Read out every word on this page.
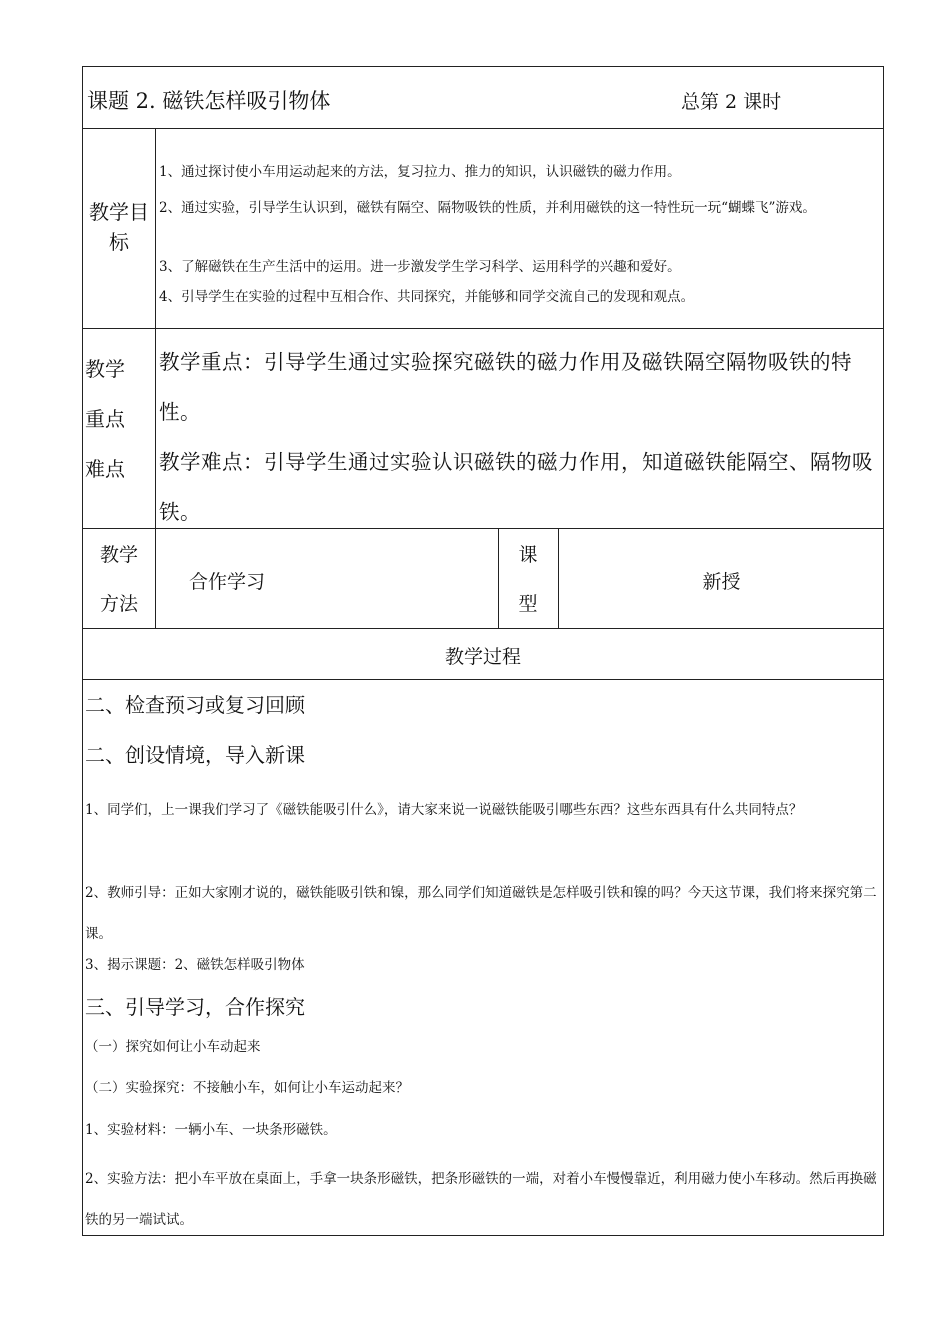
课题 2. 磁铁怎样吸引物体	总第 2 课时
教学目
标
1、通过探讨使小车用运动起来的方法，复习拉力、推力的知识，认识磁铁的磁力作用。
2、通过实验，引导学生认识到，磁铁有隔空、隔物吸铁的性质，并利用磁铁的这一特性玩一玩“蝴蝶飞”游戏。
3、了解磁铁在生产生活中的运用。进一步激发学生学习科学、运用科学的兴趣和爱好。
4、引导学生在实验的过程中互相合作、共同探究，并能够和同学交流自己的发现和观点。
教学
重点
难点
教学重点：引导学生通过实验探究磁铁的磁力作用及磁铁隔空隔物吸铁的特性。
教学难点：引导学生通过实验认识磁铁的磁力作用，知道磁铁能隔空、隔物吸铁。
教学
方法
合作学习
课
型
新授
教学过程
二、检查预习或复习回顾
二、创设情境，导入新课
1、同学们，上一课我们学习了《磁铁能吸引什么》，请大家来说一说磁铁能吸引哪些东西？这些东西具有什么共同特点？
2、教师引导：正如大家刚才说的，磁铁能吸引铁和镍，那么同学们知道磁铁是怎样吸引铁和镍的吗？今天这节课，我们将来探究第二课。
3、揭示课题：2、磁铁怎样吸引物体
三、引导学习，合作探究
（一）探究如何让小车动起来
（二）实验探究：不接触小车，如何让小车运动起来？
1、实验材料：一辆小车、一块条形磁铁。
2、实验方法：把小车平放在桌面上，手拿一块条形磁铁，把条形磁铁的一端，对着小车慢慢靠近，利用磁力使小车移动。然后再换磁铁的另一端试试。
